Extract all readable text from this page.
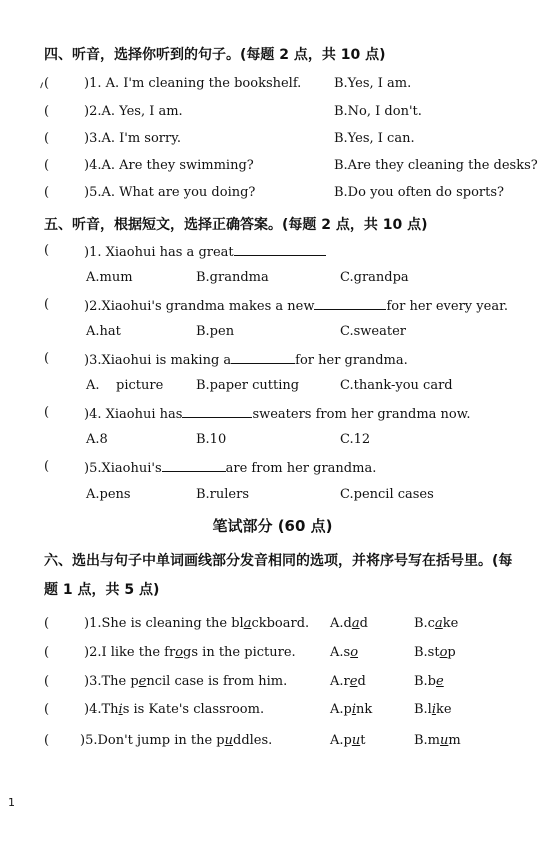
四、听音，选择你听到的句子。(每题 2 点，共 10 点)
(	)1. A. I'm cleaning the bookshelf.	B.Yes, I am.
(	)2.A. Yes, I am.	B.No, I don't.
(	)3.A. I'm sorry.	B.Yes, I can.
(	)4.A. Are they swimming?	B.Are they cleaning the desks?
(	)5.A. What are you doing?	B.Do you often do sports?
五、听音，根据短文，选择正确答案。(每题 2 点，共 10 点)
(	)1. Xiaohui has a great
A.mum	B.grandma	C.grandpa
(	)2.Xiaohui's grandma makes a new	for her every year.
A.hat	B.pen	C.sweater
(	)3.Xiaohui is making a	for her grandma.
A.    picture	B.paper cutting	C.thank-you card
(	)4. Xiaohui has	sweaters from her grandma now.
A.8	B.10	C.12
(	)5.Xiaohui's	are from her grandma.
A.pens	B.rulers	C.pencil cases
笔试部分 (60 点)
六、选出与句子中单词画线部分发音相同的选项，并将序号写在括号里。(每题 1 点，共 5 点)
(	)1.She is cleaning the blackboard. A.dad	B.cake
(	)2.I like the frogs in the picture.	A.so	B.stop
(	)3.The pencil case is from him.	A.red	B.be
(	)4.This is Kate's classroom.	A.pink	B.like
( )5.Don't jump in the puddles.	A.put	B.mum
1
